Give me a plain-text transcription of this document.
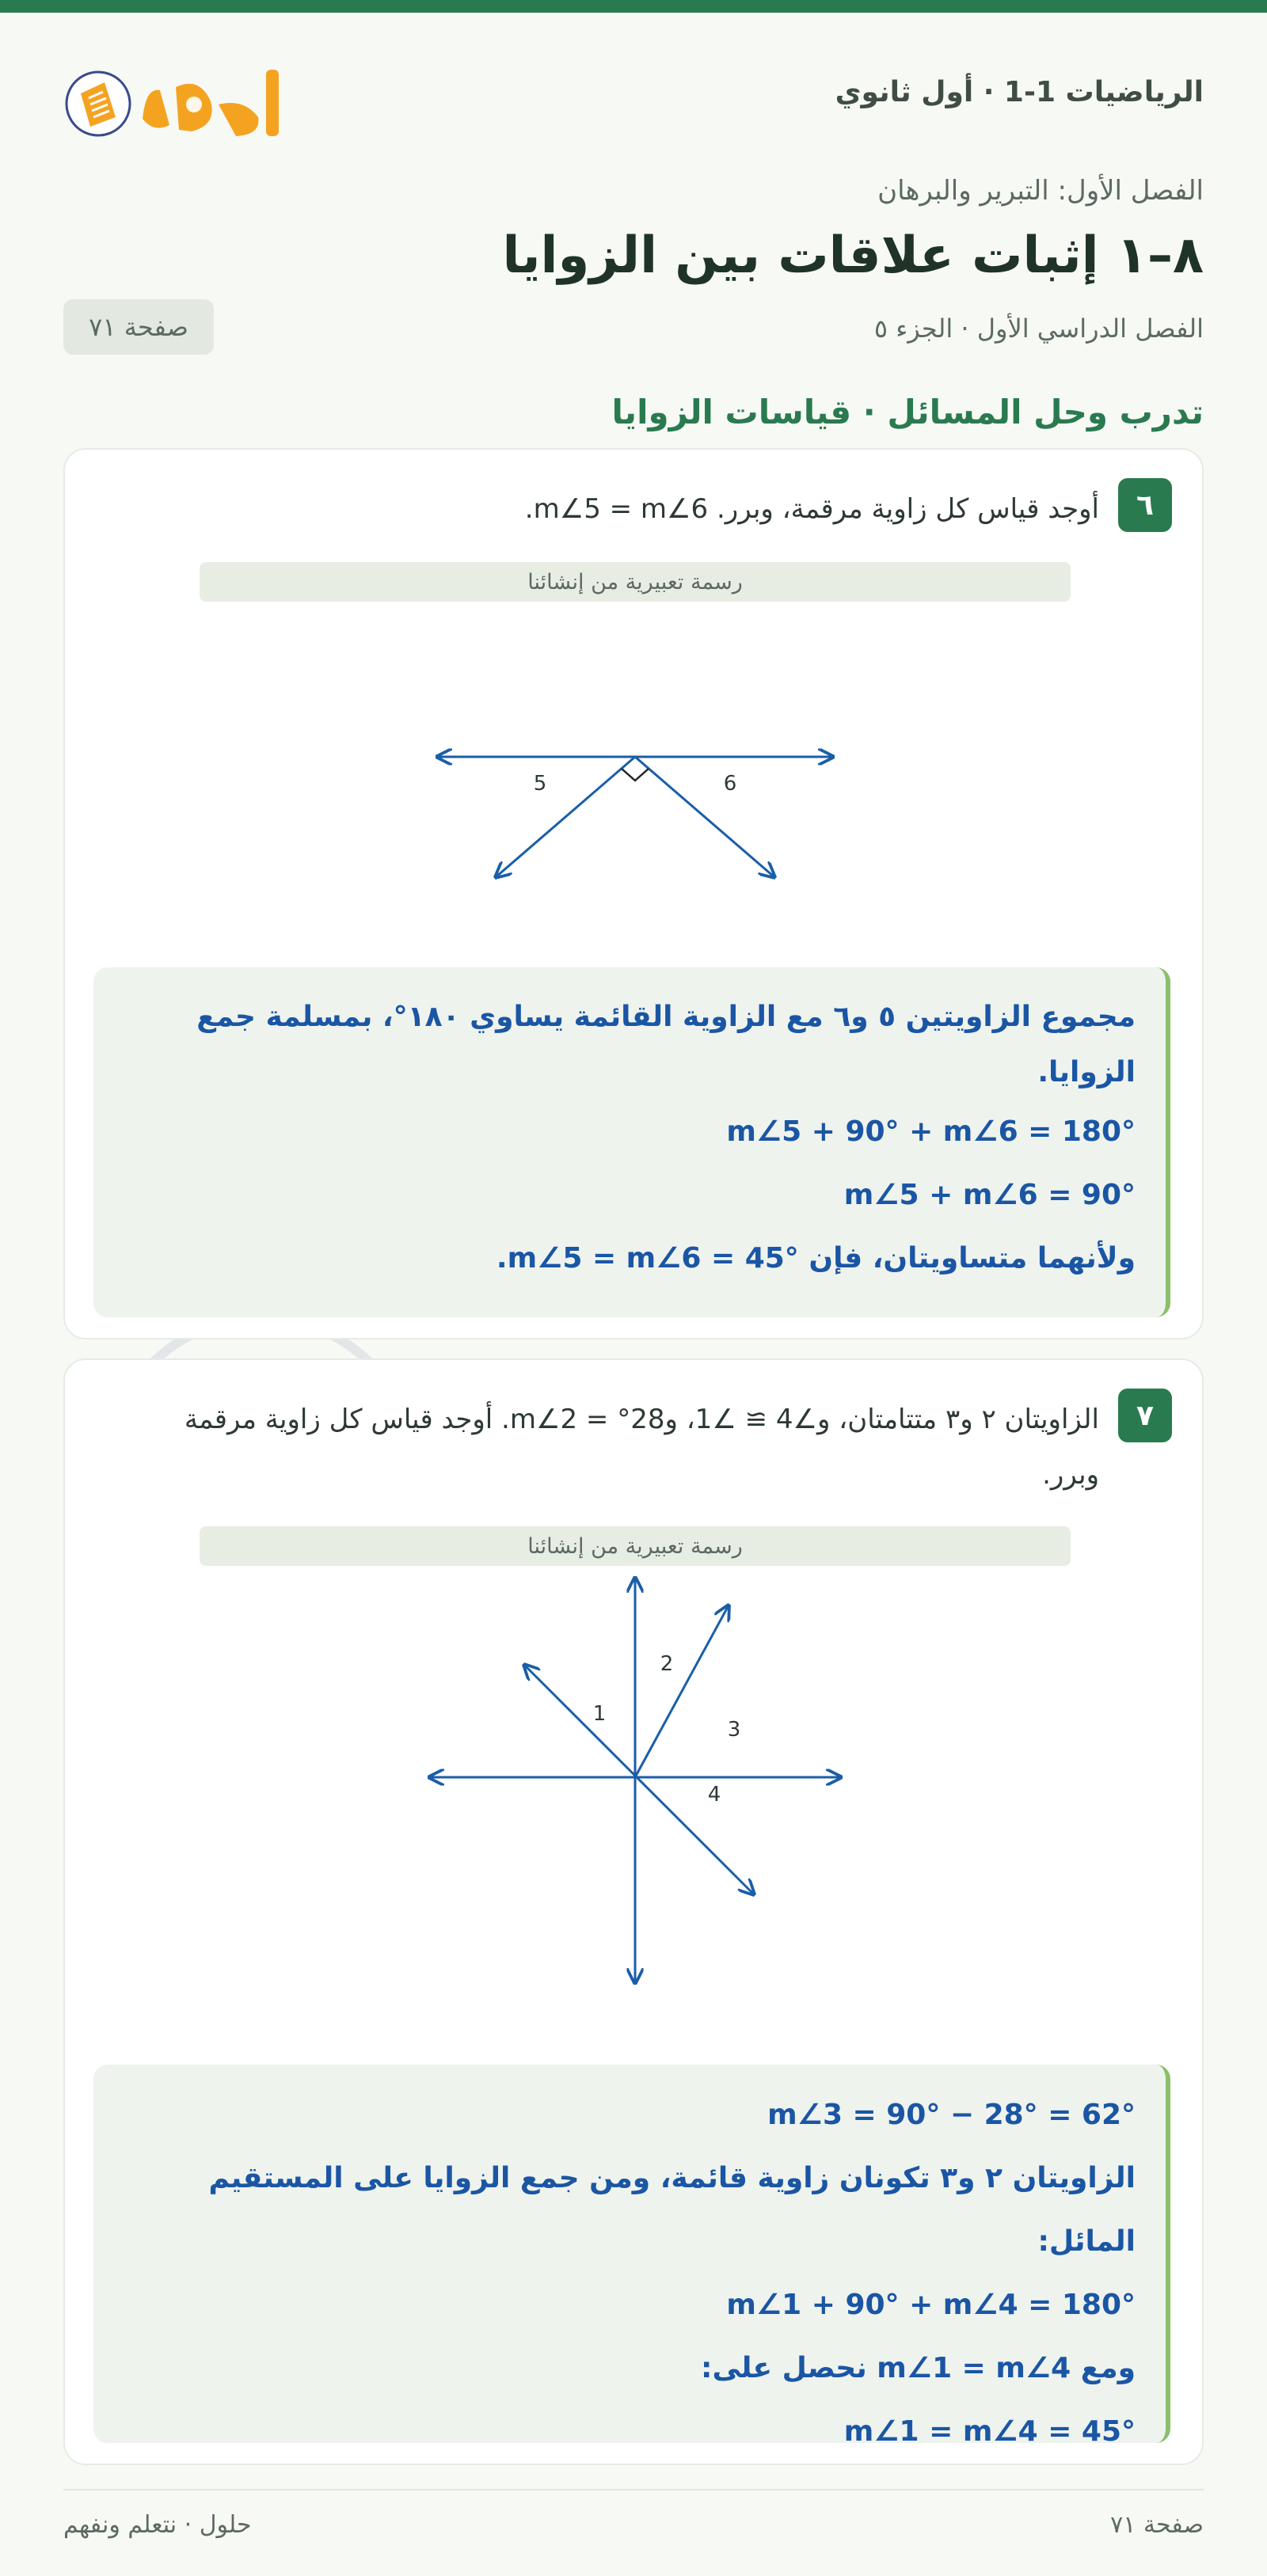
الرياضيات 1-1 · أول ثانوي
الفصل الأول: التبرير والبرهان
٨–١ إثبات علاقات بين الزوايا
الفصل الدراسي الأول · الجزء ٥
صفحة ٧١
تدرب وحل المسائل · قياسات الزوايا
٦
أوجد قياس كل زاوية مرقمة، وبرر. m∠5 = m∠6.
رسمة تعبيرية من إنشائنا
5	6
مجموع الزاويتين ٥ و٦ مع الزاوية القائمة يساوي ١٨٠°، بمسلمة جمع الزوايا.
m∠5 + 90° + m∠6 = 180°
m∠5 + m∠6 = 90°
ولأنهما متساويتان، فإن m∠5 = m∠6 = 45°.
٧
الزاويتان ٢ و٣ متتامتان، و∠4 ≅ ∠1، و28° = m∠2. أوجد قياس كل زاوية مرقمة وبرر.
رسمة تعبيرية من إنشائنا
1
2
3
4
m∠3 = 90° − 28° = 62°
الزاويتان ٢ و٣ تكونان زاوية قائمة، ومن جمع الزوايا على المستقيم المائل:
m∠1 + 90° + m∠4 = 180°
ومع m∠1 = m∠4 نحصل على:
m∠1 = m∠4 = 45°
صفحة ٧١
حلول · نتعلم ونفهم
